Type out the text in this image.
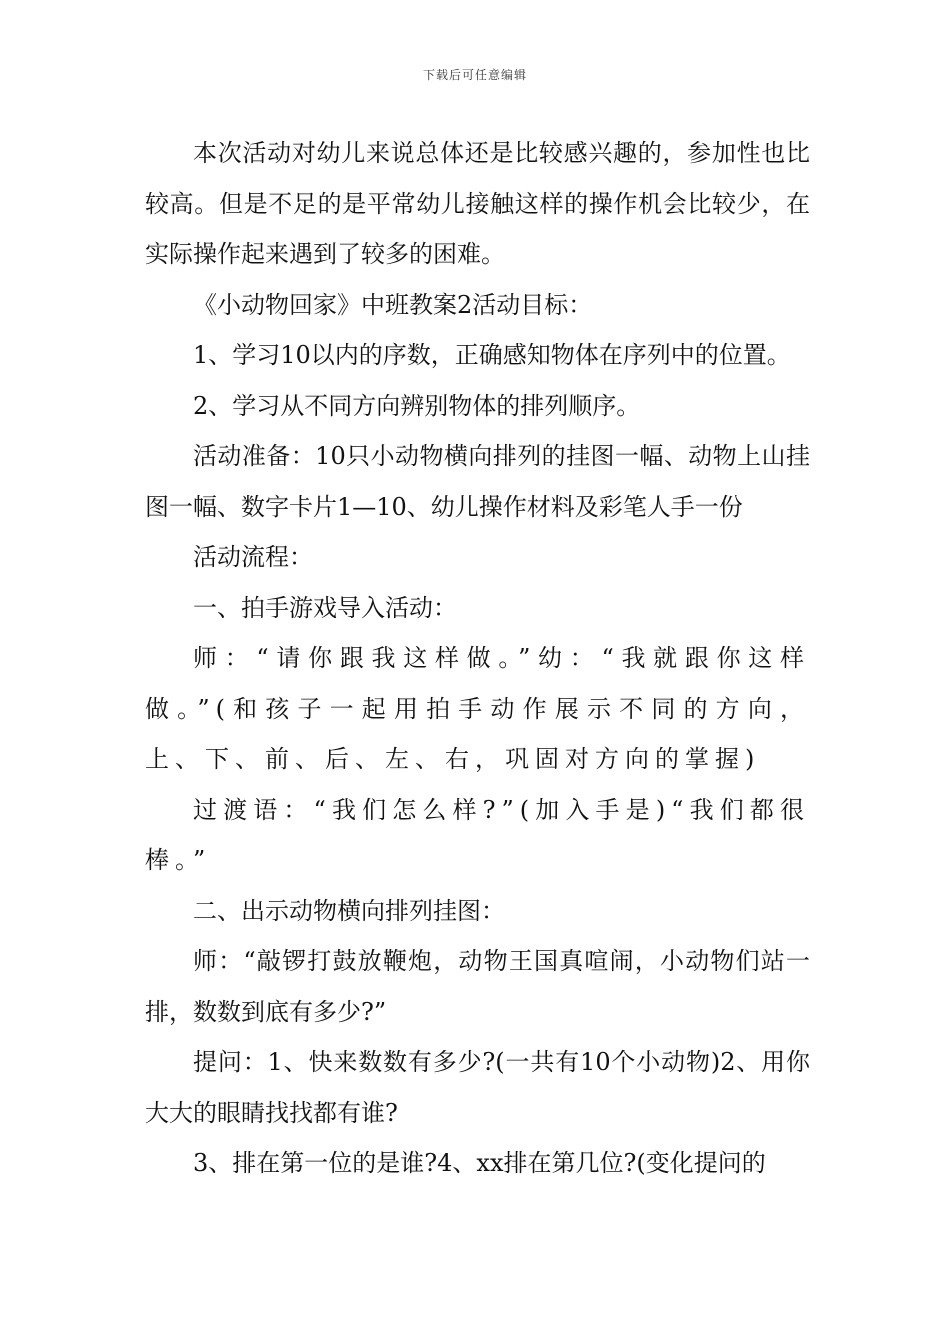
下载后可任意编辑

本次活动对幼儿来说总体还是比较感兴趣的，参加性也比较高。但是不足的是平常幼儿接触这样的操作机会比较少，在实际操作起来遇到了较多的困难。

《小动物回家》中班教案2活动目标：

1、学习10以内的序数，正确感知物体在序列中的位置。

2、学习从不同方向辨别物体的排列顺序。

活动准备：10只小动物横向排列的挂图一幅、动物上山挂图一幅、数字卡片1—10、幼儿操作材料及彩笔人手一份

活动流程：

一、拍手游戏导入活动：

师：“请你跟我这样做。”幼：“我就跟你这样做。”(和孩子一起用拍手动作展示不同的方向，上、下、前、后、左、右，巩固对方向的掌握)

过渡语：“我们怎么样?”(加入手是)“我们都很棒。”

二、出示动物横向排列挂图：

师：“敲锣打鼓放鞭炮，动物王国真喧闹，小动物们站一排，数数到底有多少?”

提问：1、快来数数有多少?(一共有10个小动物)2、用你大大的眼睛找找都有谁?

3、排在第一位的是谁?4、xx排在第几位?(变化提问的
